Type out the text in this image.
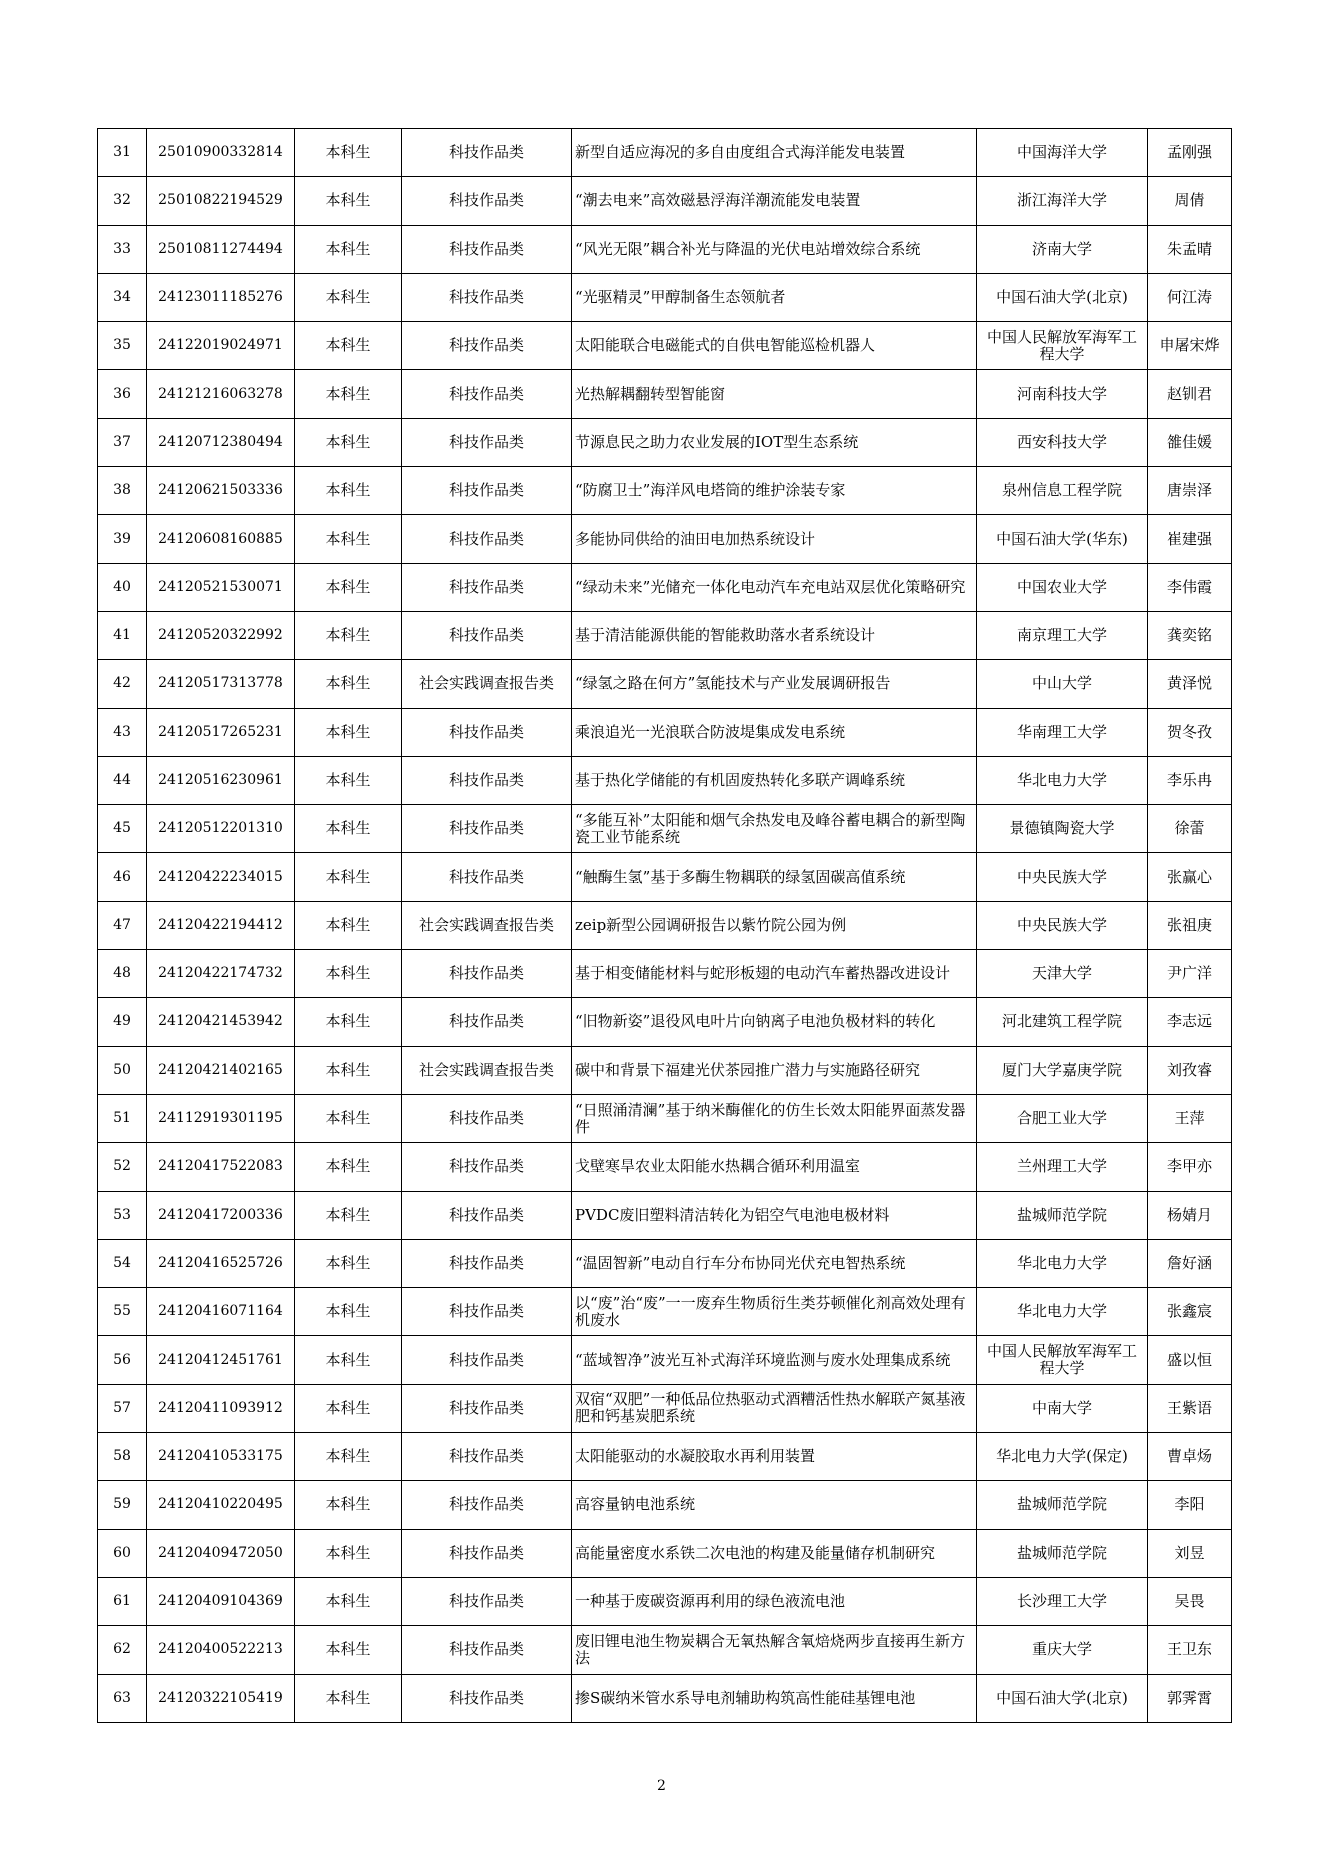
31	25010900332814	本科生	科技作品类	新型自适应海况的多自由度组合式海洋能发电装置	中国海洋大学	孟刚强
32	25010822194529	本科生	科技作品类	“潮去电来”高效磁悬浮海洋潮流能发电装置	浙江海洋大学	周倩
33	25010811274494	本科生	科技作品类	“风光无限”耦合补光与降温的光伏电站增效综合系统	济南大学	朱孟晴
34	24123011185276	本科生	科技作品类	“光驱精灵”甲醇制备生态领航者	中国石油大学(北京)	何江涛
35	24122019024971	本科生	科技作品类	太阳能联合电磁能式的自供电智能巡检机器人	中国人民解放军海军工程大学	申屠宋烨
36	24121216063278	本科生	科技作品类	光热解耦翻转型智能窗	河南科技大学	赵钏君
37	24120712380494	本科生	科技作品类	节源息民之助力农业发展的IOT型生态系统	西安科技大学	雒佳媛
38	24120621503336	本科生	科技作品类	“防腐卫士”海洋风电塔筒的维护涂装专家	泉州信息工程学院	唐崇泽
39	24120608160885	本科生	科技作品类	多能协同供给的油田电加热系统设计	中国石油大学(华东)	崔建强
40	24120521530071	本科生	科技作品类	“绿动未来”光储充一体化电动汽车充电站双层优化策略研究	中国农业大学	李伟霞
41	24120520322992	本科生	科技作品类	基于清洁能源供能的智能救助落水者系统设计	南京理工大学	龚奕铭
42	24120517313778	本科生	社会实践调查报告类	“绿氢之路在何方”氢能技术与产业发展调研报告	中山大学	黄泽悦
43	24120517265231	本科生	科技作品类	乘浪追光一光浪联合防波堤集成发电系统	华南理工大学	贺冬孜
44	24120516230961	本科生	科技作品类	基于热化学储能的有机固废热转化多联产调峰系统	华北电力大学	李乐冉
45	24120512201310	本科生	科技作品类	“多能互补”太阳能和烟气余热发电及峰谷蓄电耦合的新型陶瓷工业节能系统	景德镇陶瓷大学	徐蕾
46	24120422234015	本科生	科技作品类	“触酶生氢”基于多酶生物耦联的绿氢固碳高值系统	中央民族大学	张赢心
47	24120422194412	本科生	社会实践调查报告类	zeip新型公园调研报告以紫竹院公园为例	中央民族大学	张祖庚
48	24120422174732	本科生	科技作品类	基于相变储能材料与蛇形板翅的电动汽车蓄热器改进设计	天津大学	尹广洋
49	24120421453942	本科生	科技作品类	“旧物新姿”退役风电叶片向钠离子电池负极材料的转化	河北建筑工程学院	李志远
50	24120421402165	本科生	社会实践调查报告类	碳中和背景下福建光伏茶园推广潜力与实施路径研究	厦门大学嘉庚学院	刘孜睿
51	24112919301195	本科生	科技作品类	“日照涌清澜”基于纳米酶催化的仿生长效太阳能界面蒸发器件	合肥工业大学	王萍
52	24120417522083	本科生	科技作品类	戈壁寒旱农业太阳能水热耦合循环利用温室	兰州理工大学	李甲亦
53	24120417200336	本科生	科技作品类	PVDC废旧塑料清洁转化为铝空气电池电极材料	盐城师范学院	杨婧月
54	24120416525726	本科生	科技作品类	“温固智新”电动自行车分布协同光伏充电智热系统	华北电力大学	詹好涵
55	24120416071164	本科生	科技作品类	以“废”治“废”一一废弃生物质衍生类芬顿催化剂高效处理有机废水	华北电力大学	张鑫宸
56	24120412451761	本科生	科技作品类	“蓝域智净”波光互补式海洋环境监测与废水处理集成系统	中国人民解放军海军工程大学	盛以恒
57	24120411093912	本科生	科技作品类	双宿“双肥”一种低品位热驱动式酒糟活性热水解联产氮基液肥和钙基炭肥系统	中南大学	王紫语
58	24120410533175	本科生	科技作品类	太阳能驱动的水凝胶取水再利用装置	华北电力大学(保定)	曹卓炀
59	24120410220495	本科生	科技作品类	高容量钠电池系统	盐城师范学院	李阳
60	24120409472050	本科生	科技作品类	高能量密度水系铁二次电池的构建及能量储存机制研究	盐城师范学院	刘昱
61	24120409104369	本科生	科技作品类	一种基于废碳资源再利用的绿色液流电池	长沙理工大学	吴畏
62	24120400522213	本科生	科技作品类	废旧锂电池生物炭耦合无氧热解含氧焙烧两步直接再生新方法	重庆大学	王卫东
63	24120322105419	本科生	科技作品类	掺S碳纳米管水系导电剂辅助构筑高性能硅基锂电池	中国石油大学(北京)	郭霁霄
2
